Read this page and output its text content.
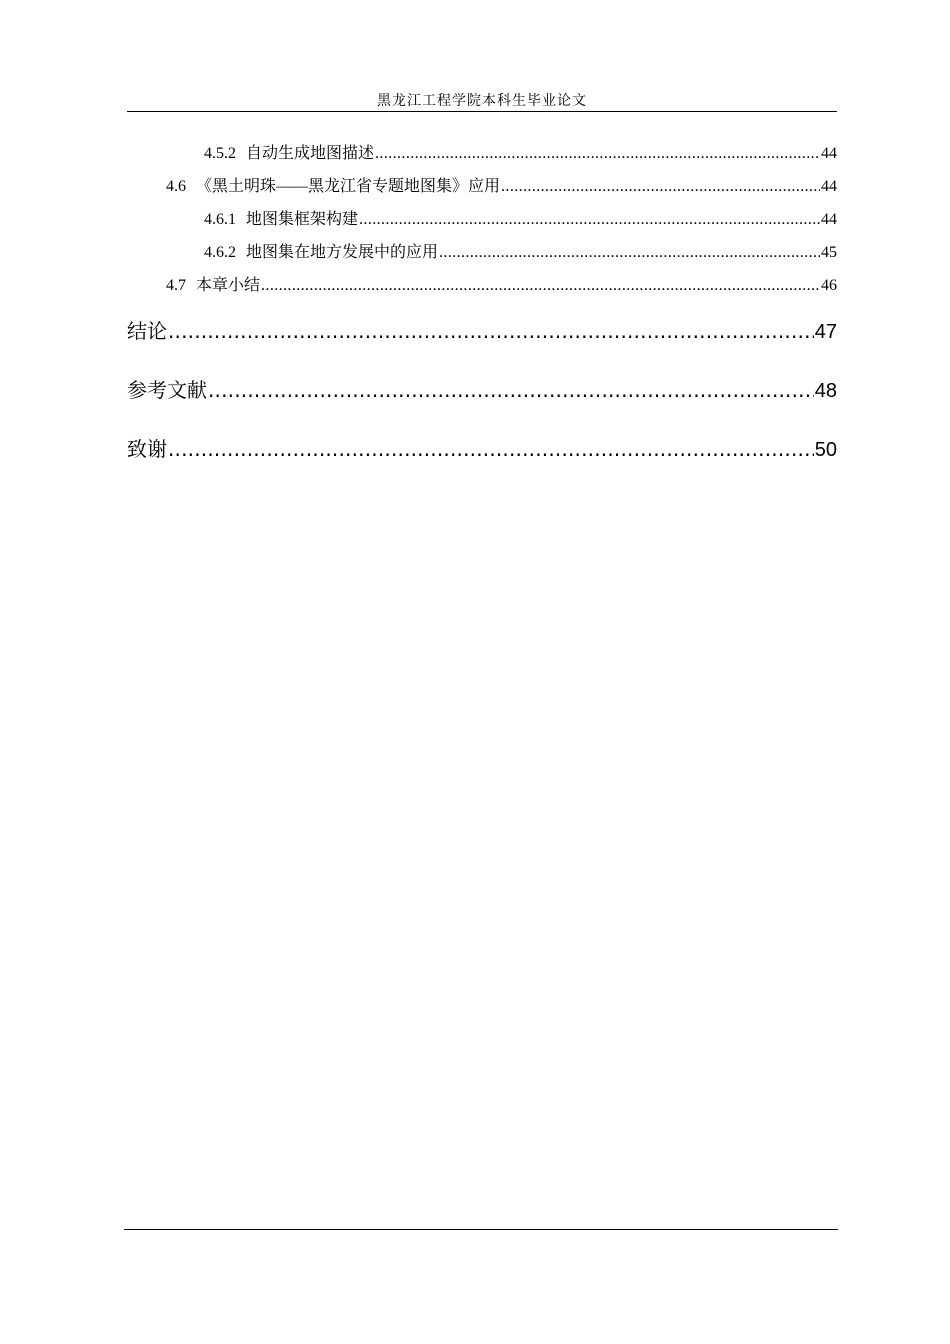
黑龙江工程学院本科生毕业论文
4.5.2 自动生成地图描述 .....	44
4.6 《黑土明珠——黑龙江省专题地图集》应用 .....	44
4.6.1 地图集框架构建 .....	44
4.6.2 地图集在地方发展中的应用 .....	45
4.7 本章小结 .....	46
结论 .....	47
参考文献 .....	48
致谢 .....	50
